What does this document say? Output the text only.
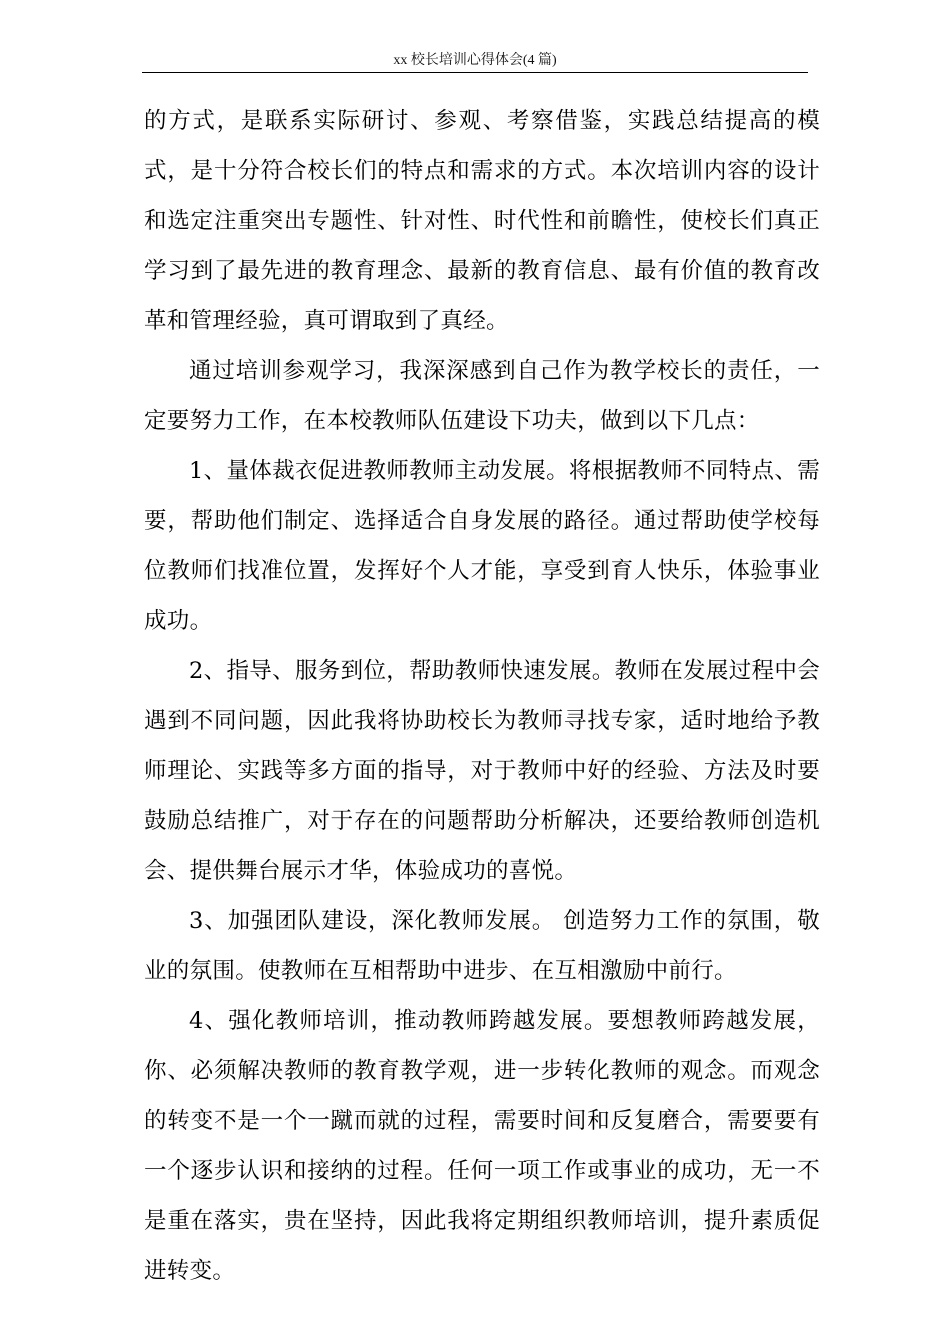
xx 校长培训心得体会(4 篇)

的方式，是联系实际研讨、参观、考察借鉴，实践总结提高的模式，是十分符合校长们的特点和需求的方式。本次培训内容的设计和选定注重突出专题性、针对性、时代性和前瞻性，使校长们真正学习到了最先进的教育理念、最新的教育信息、最有价值的教育改革和管理经验，真可谓取到了真经。

通过培训参观学习，我深深感到自己作为教学校长的责任，一定要努力工作，在本校教师队伍建设下功夫，做到以下几点：

1、量体裁衣促进教师教师主动发展。将根据教师不同特点、需要，帮助他们制定、选择适合自身发展的路径。通过帮助使学校每位教师们找准位置，发挥好个人才能，享受到育人快乐，体验事业成功。

2、指导、服务到位，帮助教师快速发展。教师在发展过程中会遇到不同问题，因此我将协助校长为教师寻找专家，适时地给予教师理论、实践等多方面的指导，对于教师中好的经验、方法及时要鼓励总结推广，对于存在的问题帮助分析解决，还要给教师创造机会、提供舞台展示才华，体验成功的喜悦。

3、加强团队建设，深化教师发展。 创造努力工作的氛围，敬业的氛围。使教师在互相帮助中进步、在互相激励中前行。

4、强化教师培训，推动教师跨越发展。要想教师跨越发展，你、必须解决教师的教育教学观，进一步转化教师的观念。而观念的转变不是一个一蹴而就的过程，需要时间和反复磨合，需要要有一个逐步认识和接纳的过程。任何一项工作或事业的成功，无一不是重在落实，贵在坚持，因此我将定期组织教师培训，提升素质促进转变。
